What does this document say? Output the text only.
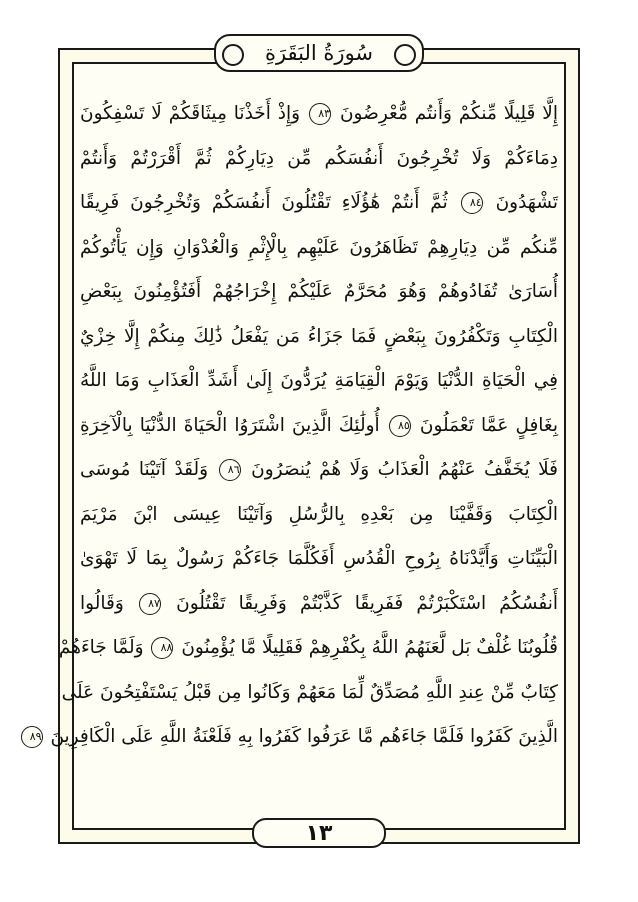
سُورَةُ البَقَرَةِ
إِلَّا قَلِيلًا مِّنكُمْ وَأَنتُم مُّعْرِضُونَ ٨٣ وَإِذْ أَخَذْنَا مِيثَاقَكُمْ لَا تَسْفِكُونَ
دِمَاءَكُمْ وَلَا تُخْرِجُونَ أَنفُسَكُم مِّن دِيَارِكُمْ ثُمَّ أَقْرَرْتُمْ وَأَنتُمْ
تَشْهَدُونَ ٨٤ ثُمَّ أَنتُمْ هَٰؤُلَاءِ تَقْتُلُونَ أَنفُسَكُمْ وَتُخْرِجُونَ فَرِيقًا
مِّنكُم مِّن دِيَارِهِمْ تَظَاهَرُونَ عَلَيْهِم بِالْإِثْمِ وَالْعُدْوَانِ وَإِن يَأْتُوكُمْ
أُسَارَىٰ تُفَادُوهُمْ وَهُوَ مُحَرَّمٌ عَلَيْكُمْ إِخْرَاجُهُمْ أَفَتُؤْمِنُونَ بِبَعْضِ
الْكِتَابِ وَتَكْفُرُونَ بِبَعْضٍ فَمَا جَزَاءُ مَن يَفْعَلُ ذَٰلِكَ مِنكُمْ إِلَّا خِزْيٌ
فِي الْحَيَاةِ الدُّنْيَا وَيَوْمَ الْقِيَامَةِ يُرَدُّونَ إِلَىٰ أَشَدِّ الْعَذَابِ وَمَا اللَّهُ
بِغَافِلٍ عَمَّا تَعْمَلُونَ ٨٥ أُولَٰئِكَ الَّذِينَ اشْتَرَوُا الْحَيَاةَ الدُّنْيَا بِالْآخِرَةِ
فَلَا يُخَفَّفُ عَنْهُمُ الْعَذَابُ وَلَا هُمْ يُنصَرُونَ ٨٦ وَلَقَدْ آتَيْنَا مُوسَى
الْكِتَابَ وَقَفَّيْنَا مِن بَعْدِهِ بِالرُّسُلِ وَآتَيْنَا عِيسَى ابْنَ مَرْيَمَ
الْبَيِّنَاتِ وَأَيَّدْنَاهُ بِرُوحِ الْقُدُسِ أَفَكُلَّمَا جَاءَكُمْ رَسُولٌ بِمَا لَا تَهْوَىٰ
أَنفُسُكُمُ اسْتَكْبَرْتُمْ فَفَرِيقًا كَذَّبْتُمْ وَفَرِيقًا تَقْتُلُونَ ٨٧ وَقَالُوا
قُلُوبُنَا غُلْفٌ بَل لَّعَنَهُمُ اللَّهُ بِكُفْرِهِمْ فَقَلِيلًا مَّا يُؤْمِنُونَ ٨٨ وَلَمَّا جَاءَهُمْ
كِتَابٌ مِّنْ عِندِ اللَّهِ مُصَدِّقٌ لِّمَا مَعَهُمْ وَكَانُوا مِن قَبْلُ يَسْتَفْتِحُونَ عَلَى
الَّذِينَ كَفَرُوا فَلَمَّا جَاءَهُم مَّا عَرَفُوا كَفَرُوا بِهِ فَلَعْنَةُ اللَّهِ عَلَى الْكَافِرِينَ ٨٩
١٣
